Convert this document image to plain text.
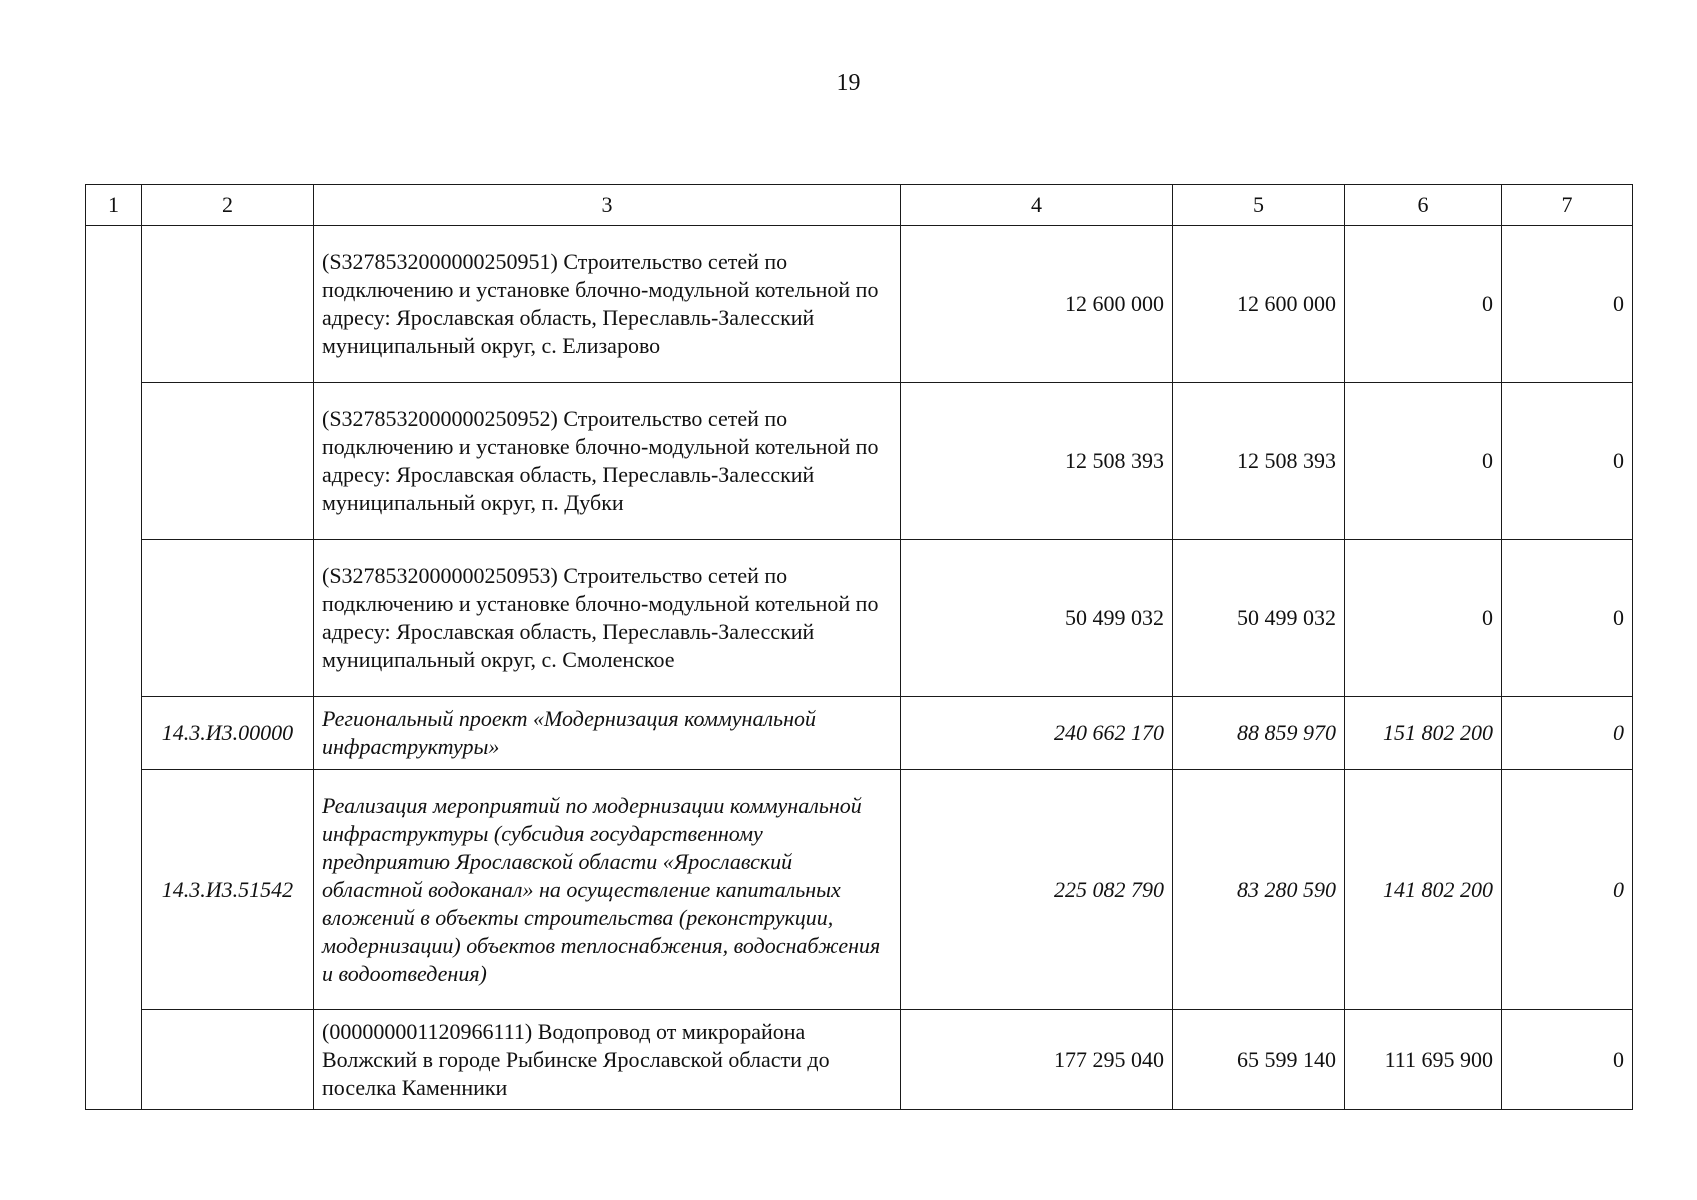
19
1	2	3	4	5	6	7
		(S3278532000000250951) Строительство сетей по подключению и установке блочно-модульной котельной по адресу: Ярославская область, Переславль-Залесский муниципальный округ, с. Елизарово	12 600 000	12 600 000	0	0
		(S3278532000000250952) Строительство сетей по подключению и установке блочно-модульной котельной по адресу: Ярославская область, Переславль-Залесский муниципальный округ, п. Дубки	12 508 393	12 508 393	0	0
		(S3278532000000250953) Строительство сетей по подключению и установке блочно-модульной котельной по адресу: Ярославская область, Переславль-Залесский муниципальный округ, с. Смоленское	50 499 032	50 499 032	0	0
	14.3.И3.00000	Региональный проект «Модернизация коммунальной инфраструктуры»	240 662 170	88 859 970	151 802 200	0
	14.3.И3.51542	Реализация мероприятий по модернизации коммунальной инфраструктуры (субсидия государственному предприятию Ярославской области «Ярославский областной водоканал» на осуществление капитальных вложений в объекты строительства (реконструкции, модернизации) объектов теплоснабжения, водоснабжения и водоотведения)	225 082 790	83 280 590	141 802 200	0
		(000000001120966111) Водопровод от микрорайона Волжский в городе Рыбинске Ярославской области до поселка Каменники	177 295 040	65 599 140	111 695 900	0
